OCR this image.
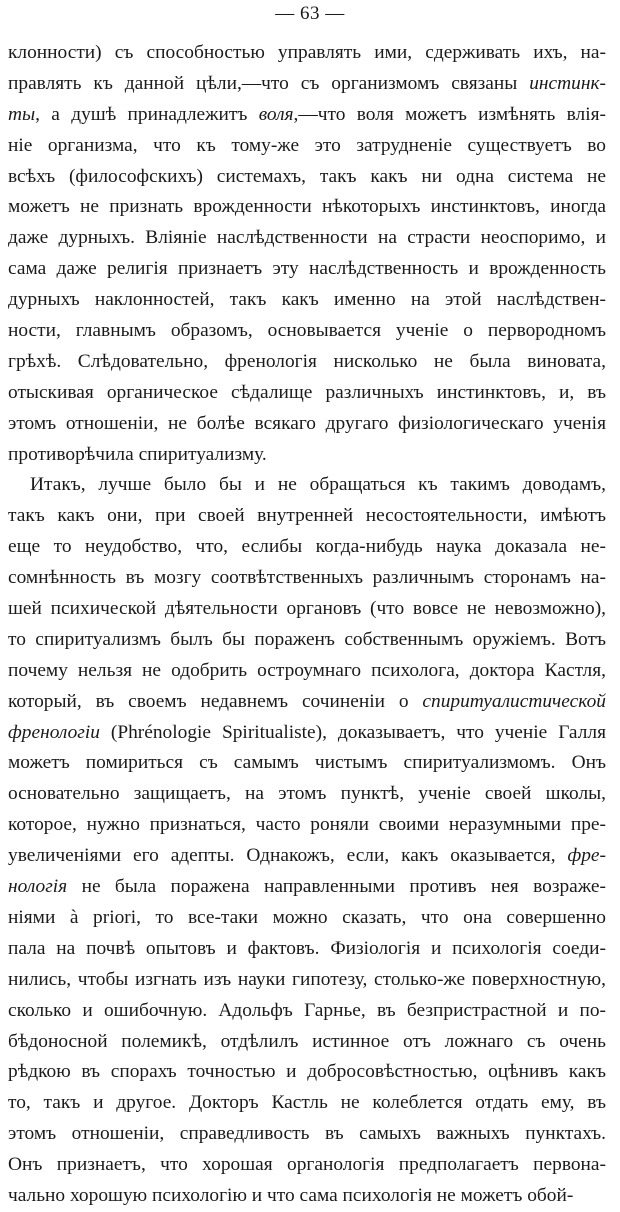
— 63 —
клонности) съ способностью управлять ими, сдерживать ихъ, на-
правлять къ данной цѣли,—что съ организмомъ связаны инстинк-
ты, а душѣ принадлежитъ воля,—что воля можетъ измѣнять влія-
ніе организма, что къ тому-же это затрудненіе существуетъ во
всѣхъ (философскихъ) системахъ, такъ какъ ни одна система не
можетъ не признать врожденности нѣкоторыхъ инстинктовъ, иногда
даже дурныхъ. Вліяніе наслѣдственности на страсти неоспоримо, и
сама даже религія признаетъ эту наслѣдственность и врожденность
дурныхъ наклонностей, такъ какъ именно на этой наслѣдствен-
ности, главнымъ образомъ, основывается ученіе о первородномъ
грѣхѣ. Слѣдовательно, френологія нисколько не была виновата,
отыскивая органическое сѣдалище различныхъ инстинктовъ, и, въ
этомъ отношеніи, не болѣе всякаго другаго физіологическаго ученія
противорѣчила спиритуализму.
Итакъ, лучше было бы и не обращаться къ такимъ доводамъ,
такъ какъ они, при своей внутренней несостоятельности, имѣютъ
еще то неудобство, что, еслибы когда-нибудь наука доказала не-
сомнѣнность въ мозгу соотвѣтственныхъ различнымъ сторонамъ на-
шей психической дѣятельности органовъ (что вовсе не невозможно),
то спиритуализмъ былъ бы пораженъ собственнымъ оружіемъ. Вотъ
почему нельзя не одобрить остроумнаго психолога, доктора Кастля,
который, въ своемъ недавнемъ сочиненіи о спиритуалистической
френологіи (Phrénologie Spiritualiste), доказываетъ, что ученіе Галля
можетъ помириться съ самымъ чистымъ спиритуализмомъ. Онъ
основательно защищаетъ, на этомъ пунктѣ, ученіе своей школы,
которое, нужно признаться, часто роняли своими неразумными пре-
увеличеніями его адепты. Однакожъ, если, какъ оказывается, фре-
нологія не была поражена направленными противъ нея возраже-
ніями à priori, то все-таки можно сказать, что она совершенно
пала на почвѣ опытовъ и фактовъ. Физіологія и психологія соеди-
нились, чтобы изгнать изъ науки гипотезу, столько-же поверхностную,
сколько и ошибочную. Адольфъ Гарнье, въ безпристрастной и по-
бѣдоносной полемикѣ, отдѣлилъ истинное отъ ложнаго съ очень
рѣдкою въ спорахъ точностью и добросовѣстностью, оцѣнивъ какъ
то, такъ и другое. Докторъ Кастль не колеблется отдать ему, въ
этомъ отношеніи, справедливость въ самыхъ важныхъ пунктахъ.
Онъ признаетъ, что хорошая органологія предполагаетъ первона-
чально хорошую психологію и что сама психологія не можетъ обой-
